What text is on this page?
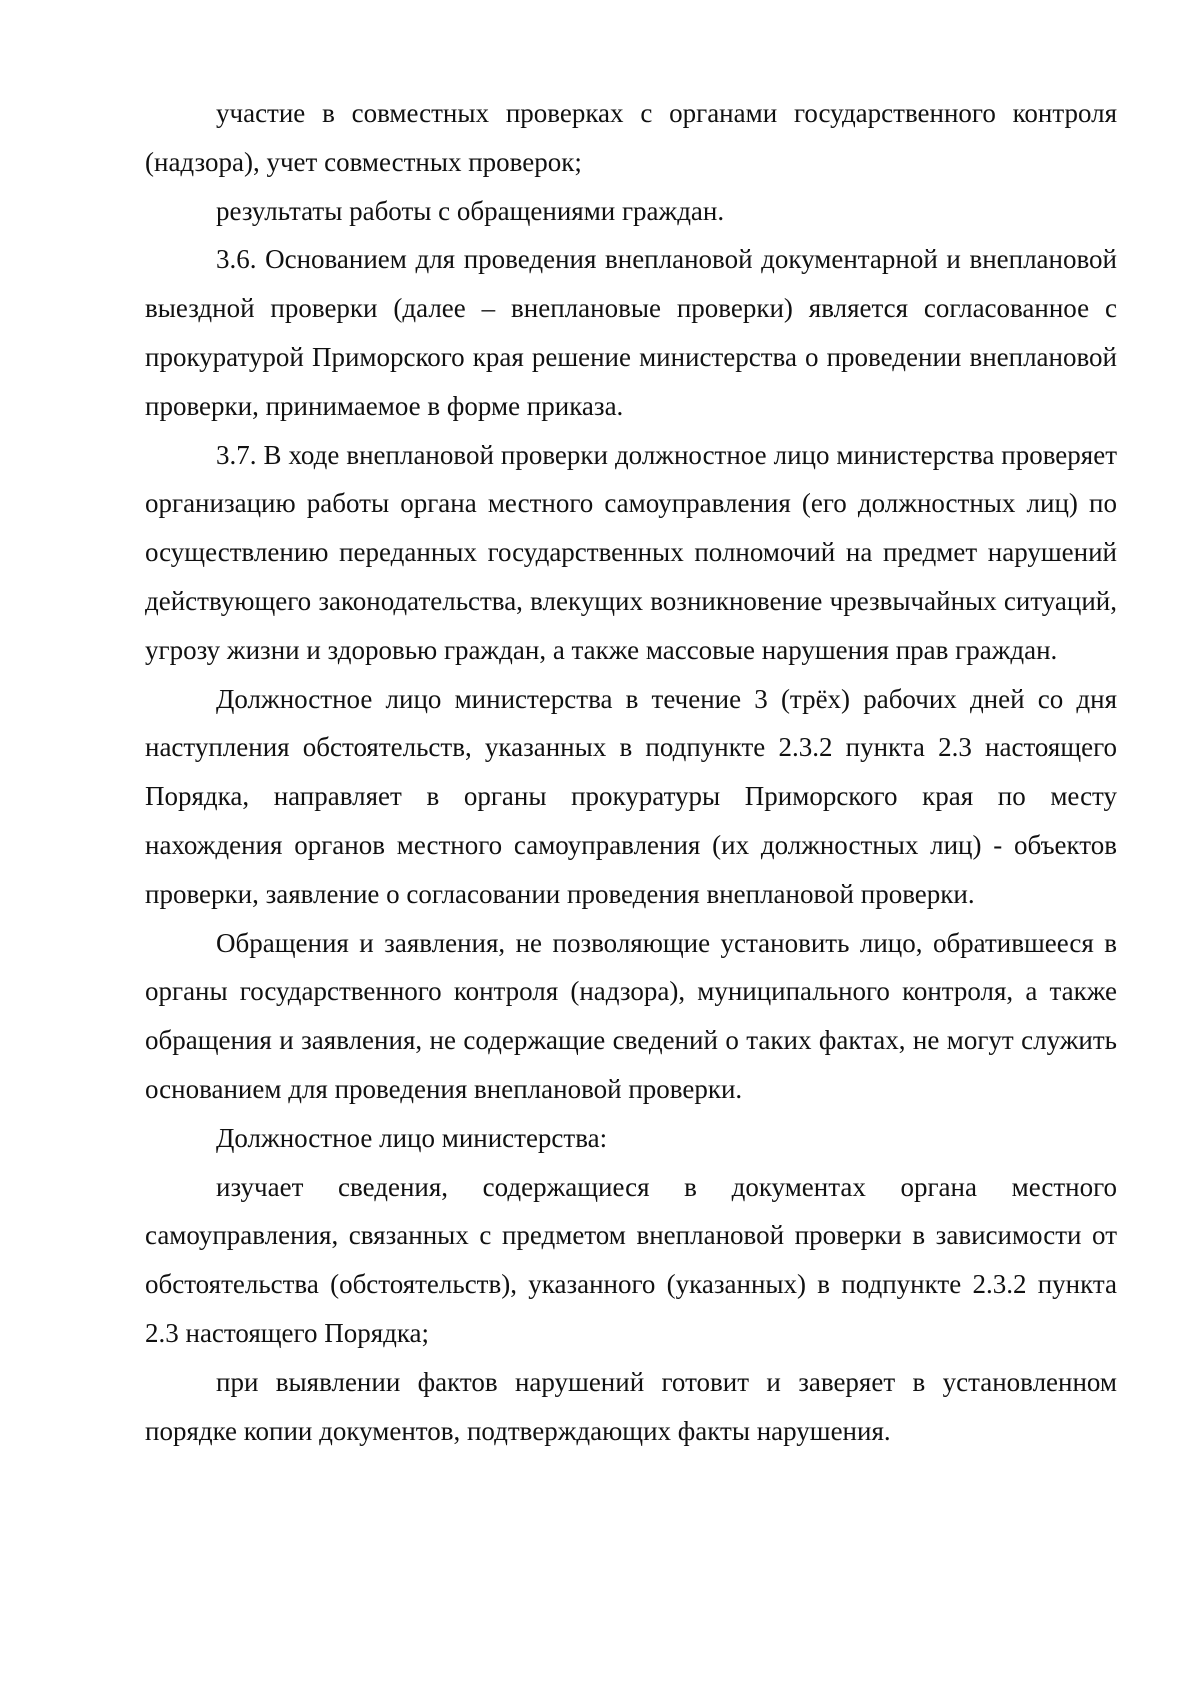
участие в совместных проверках с органами государственного контроля (надзора), учет совместных проверок;

результаты работы с обращениями граждан.

3.6. Основанием для проведения внеплановой документарной и внеплановой выездной проверки (далее – внеплановые проверки) является согласованное с прокуратурой Приморского края решение министерства о проведении внеплановой проверки, принимаемое в форме приказа.

3.7. В ходе внеплановой проверки должностное лицо министерства проверяет организацию работы органа местного самоуправления (его должностных лиц) по осуществлению переданных государственных полномочий на предмет нарушений действующего законодательства, влекущих возникновение чрезвычайных ситуаций, угрозу жизни и здоровью граждан, а также массовые нарушения прав граждан.

Должностное лицо министерства в течение 3 (трёх) рабочих дней со дня наступления обстоятельств, указанных в подпункте 2.3.2 пункта 2.3 настоящего Порядка, направляет в органы прокуратуры Приморского края по месту нахождения органов местного самоуправления (их должностных лиц) - объектов проверки, заявление о согласовании проведения внеплановой проверки.

Обращения и заявления, не позволяющие установить лицо, обратившееся в органы государственного контроля (надзора), муниципального контроля, а также обращения и заявления, не содержащие сведений о таких фактах, не могут служить основанием для проведения внеплановой проверки.

Должностное лицо министерства:

изучает сведения, содержащиеся в документах органа местного самоуправления, связанных с предметом внеплановой проверки в зависимости от обстоятельства (обстоятельств), указанного (указанных) в подпункте 2.3.2 пункта 2.3 настоящего Порядка;

при выявлении фактов нарушений готовит и заверяет в установленном порядке копии документов, подтверждающих факты нарушения.
